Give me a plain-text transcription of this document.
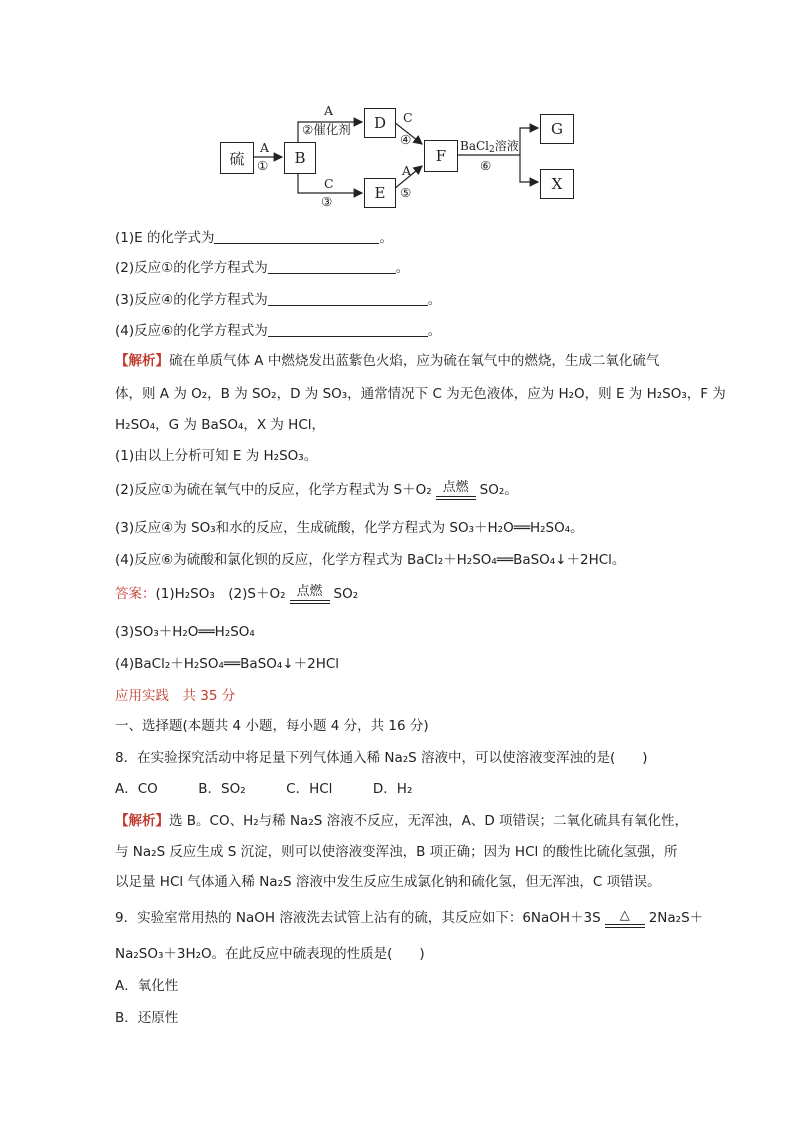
硫	B
D
E
F
G
X
A
①
A
②催化剂
C
④
C
③
A
⑤
BaCl$_2$溶液
⑥
(1)E 的化学式为	。
(2)反应①的化学方程式为	。
(3)反应④的化学方程式为	。
(4)反应⑥的化学方程式为	。
【解析】硫在单质气体 A 中燃烧发出蓝紫色火焰，应为硫在氧气中的燃烧，生成二氧化硫气
体，则 A 为 O₂，B 为 SO₂，D 为 SO₃，通常情况下 C 为无色液体，应为 H₂O，则 E 为 H₂SO₃，F 为
H₂SO₄，G 为 BaSO₄，X 为 HCl，
(1)由以上分析可知 E 为 H₂SO₃。
(2)反应①为硫在氧气中的反应，化学方程式为 S＋O₂ 点燃 SO₂。
(3)反应④为 SO₃和水的反应，生成硫酸，化学方程式为 SO₃＋H₂O══H₂SO₄。
(4)反应⑥为硫酸和氯化钡的反应，化学方程式为 BaCl₂＋H₂SO₄══BaSO₄↓＋2HCl。
答案：(1)H₂SO₃　(2)S＋O₂ 点燃 SO₂
(3)SO₃＋H₂O══H₂SO₄
(4)BaCl₂＋H₂SO₄══BaSO₄↓＋2HCl
应用实践　共 35 分
一、选择题(本题共 4 小题，每小题 4 分，共 16 分)
8．在实验探究活动中将足量下列气体通入稀 Na₂S 溶液中，可以使溶液变浑浊的是(　　)
A．CO　　　B．SO₂　　　C．HCl　　　D．H₂
【解析】选 B。CO、H₂与稀 Na₂S 溶液不反应，无浑浊，A、D 项错误；二氧化硫具有氧化性，
与 Na₂S 反应生成 S 沉淀，则可以使溶液变浑浊，B 项正确；因为 HCl 的酸性比硫化氢强，所
以足量 HCl 气体通入稀 Na₂S 溶液中发生反应生成氯化钠和硫化氢，但无浑浊，C 项错误。
9．实验室常用热的 NaOH 溶液洗去试管上沾有的硫，其反应如下：6NaOH＋3S	△	2Na₂S＋
Na₂SO₃＋3H₂O。在此反应中硫表现的性质是(　　)
A．氧化性
B．还原性
